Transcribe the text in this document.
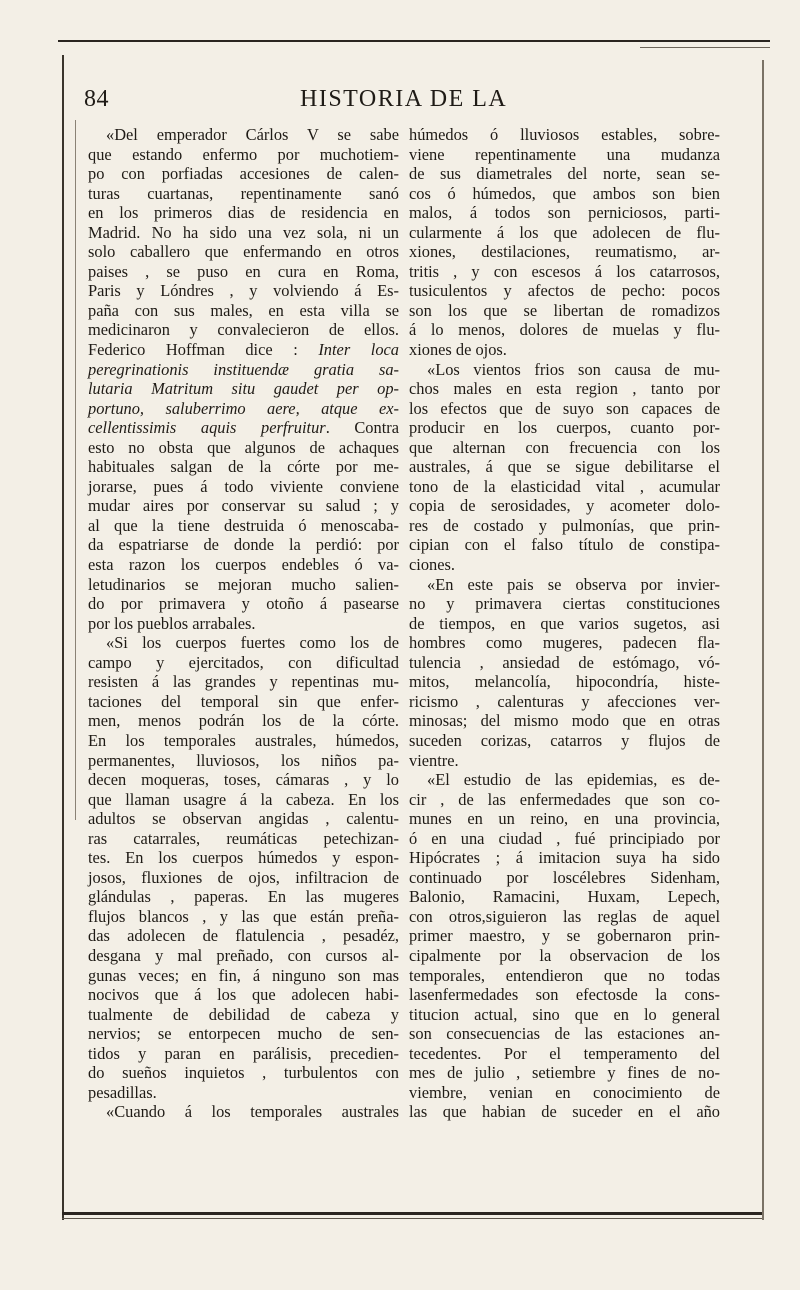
84	HISTORIA DE LA
«Del emperador Cárlos V se sabe
que estando enfermo por muchotiem-
po con porfiadas accesiones de calen-
turas cuartanas, repentinamente sanó
en los primeros dias de residencia en
Madrid. No ha sido una vez sola, ni un
solo caballero que enfermando en otros
paises , se puso en cura en Roma,
Paris y Lóndres , y volviendo á Es-
paña con sus males, en esta villa se
medicinaron y convalecieron de ellos.
Federico Hoffman dice : Inter loca
peregrinationis instituendæ gratia sa-
lutaria Matritum situ gaudet per op-
portuno, saluberrimo aere, atque ex-
cellentissimis aquis perfruitur. Contra
esto no obsta que algunos de achaques
habituales salgan de la córte por me-
jorarse, pues á todo viviente conviene
mudar aires por conservar su salud ; y
al que la tiene destruida ó menoscaba-
da espatriarse de donde la perdió: por
esta razon los cuerpos endebles ó va-
letudinarios se mejoran mucho salien-
do por primavera y otoño á pasearse
por los pueblos arrabales.
«Si los cuerpos fuertes como los de
campo y ejercitados, con dificultad
resisten á las grandes y repentinas mu-
taciones del temporal sin que enfer-
men, menos podrán los de la córte.
En los temporales australes, húmedos,
permanentes, lluviosos, los niños pa-
decen moqueras, toses, cámaras , y lo
que llaman usagre á la cabeza. En los
adultos se observan angidas , calentu-
ras catarrales, reumáticas petechizan-
tes. En los cuerpos húmedos y espon-
josos, fluxiones de ojos, infiltracion de
glándulas , paperas. En las mugeres
flujos blancos , y las que están preña-
das adolecen de flatulencia , pesadéz,
desgana y mal preñado, con cursos al-
gunas veces; en fin, á ninguno son mas
nocivos que á los que adolecen habi-
tualmente de debilidad de cabeza y
nervios; se entorpecen mucho de sen-
tidos y paran en parálisis, precedien-
do sueños inquietos , turbulentos con
pesadillas.
«Cuando á los temporales australes
húmedos ó lluviosos estables, sobre-
viene repentinamente una mudanza
de sus diametrales del norte, sean se-
cos ó húmedos, que ambos son bien
malos, á todos son perniciosos, parti-
cularmente á los que adolecen de flu-
xiones, destilaciones, reumatismo, ar-
tritis , y con escesos á los catarrosos,
tusiculentos y afectos de pecho: pocos
son los que se libertan de romadizos
á lo menos, dolores de muelas y flu-
xiones de ojos.
«Los vientos frios son causa de mu-
chos males en esta region , tanto por
los efectos que de suyo son capaces de
producir en los cuerpos, cuanto por-
que alternan con frecuencia con los
australes, á que se sigue debilitarse el
tono de la elasticidad vital , acumular
copia de serosidades, y acometer dolo-
res de costado y pulmonías, que prin-
cipian con el falso título de constipa-
ciones.
«En este pais se observa por invier-
no y primavera ciertas constituciones
de tiempos, en que varios sugetos, asi
hombres como mugeres, padecen fla-
tulencia , ansiedad de estómago, vó-
mitos, melancolía, hipocondría, histe-
ricismo , calenturas y afecciones ver-
minosas; del mismo modo que en otras
suceden corizas, catarros y flujos de
vientre.
«El estudio de las epidemias, es de-
cir , de las enfermedades que son co-
munes en un reino, en una provincia,
ó en una ciudad , fué principiado por
Hipócrates ; á imitacion suya ha sido
continuado por loscélebres Sidenham,
Balonio, Ramacini, Huxam, Lepech,
con otros,siguieron las reglas de aquel
primer maestro, y se gobernaron prin-
cipalmente por la observacion de los
temporales, entendieron que no todas
lasenfermedades son efectosde la cons-
titucion actual, sino que en lo general
son consecuencias de las estaciones an-
tecedentes. Por el temperamento del
mes de julio , setiembre y fines de no-
viembre, venian en conocimiento de
las que habian de suceder en el año
